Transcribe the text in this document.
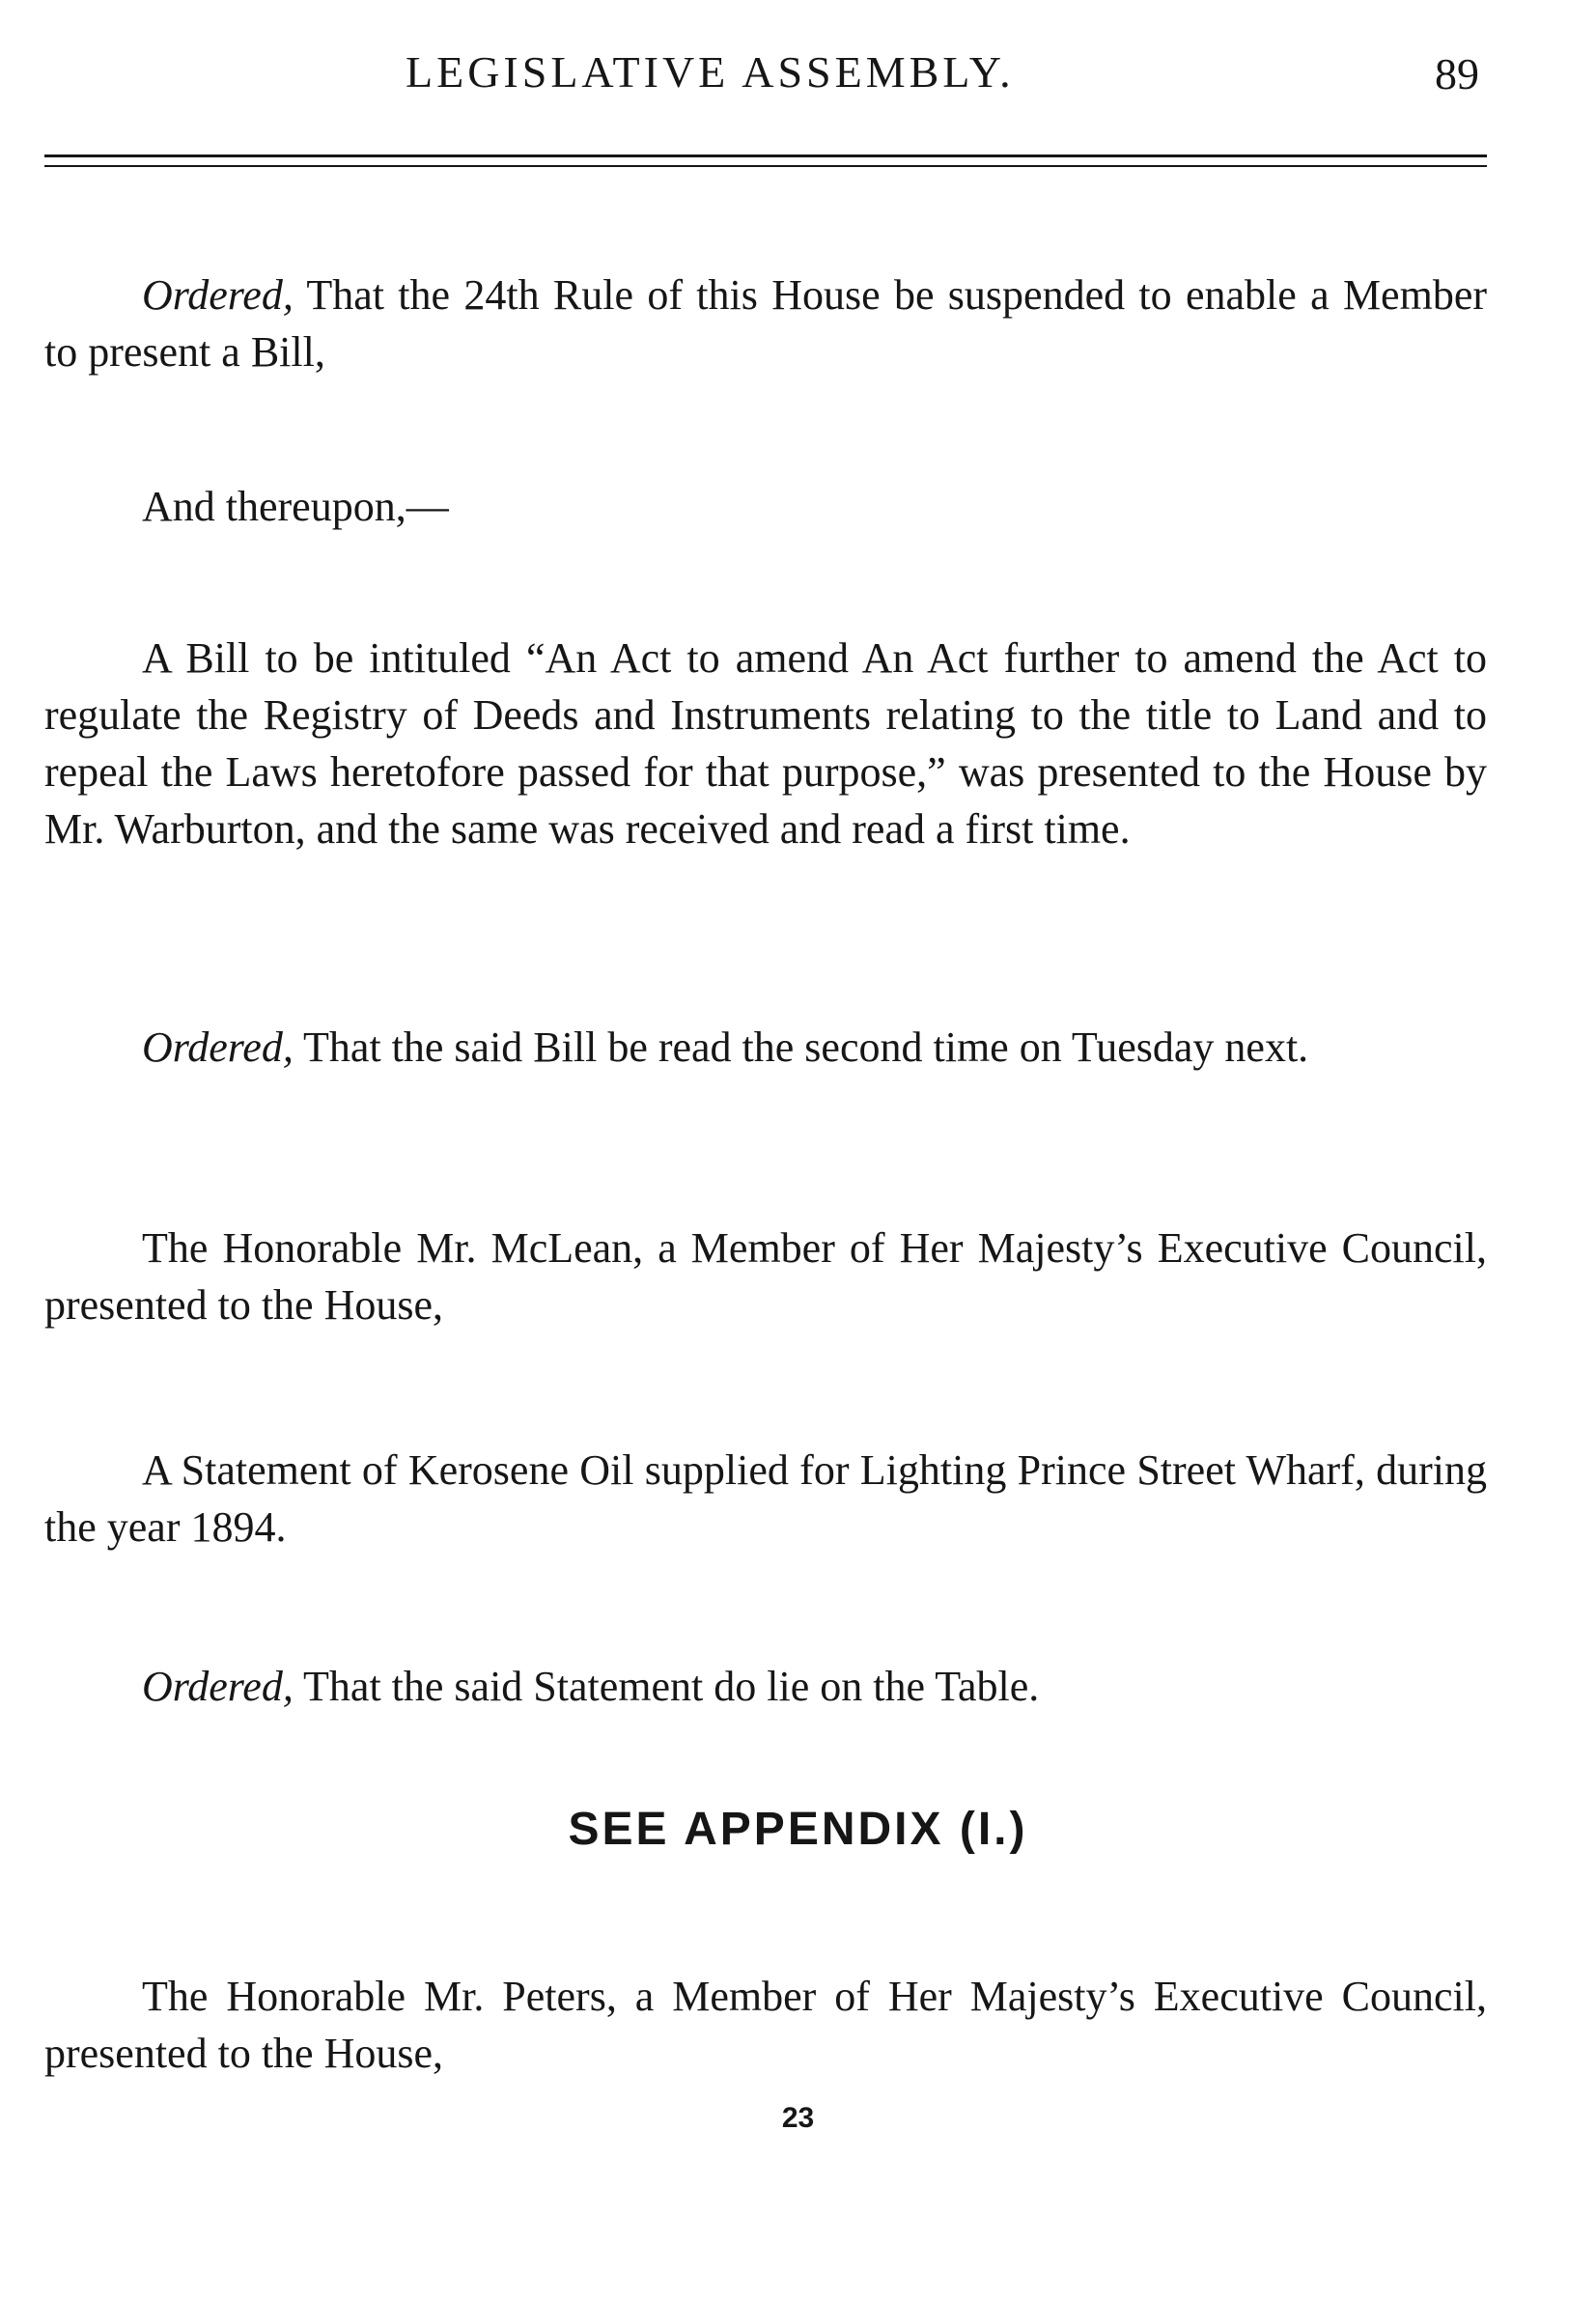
LEGISLATIVE ASSEMBLY.	89

Ordered, That the 24th Rule of this House be suspended to enable a Member to present a Bill,

And thereupon,—

A Bill to be intituled “An Act to amend An Act further to amend the Act to regulate the Registry of Deeds and Instruments relating to the title to Land and to repeal the Laws heretofore passed for that purpose,” was presented to the House by Mr. Warburton, and the same was received and read a first time.

Ordered, That the said Bill be read the second time on Tuesday next.

The Honorable Mr. McLean, a Member of Her Majesty’s Executive Council, presented to the House,

A Statement of Kerosene Oil supplied for Lighting Prince Street Wharf, during the year 1894.

Ordered, That the said Statement do lie on the Table.

SEE APPENDIX (I.)

The Honorable Mr. Peters, a Member of Her Majesty’s Executive Council, presented to the House,

23
